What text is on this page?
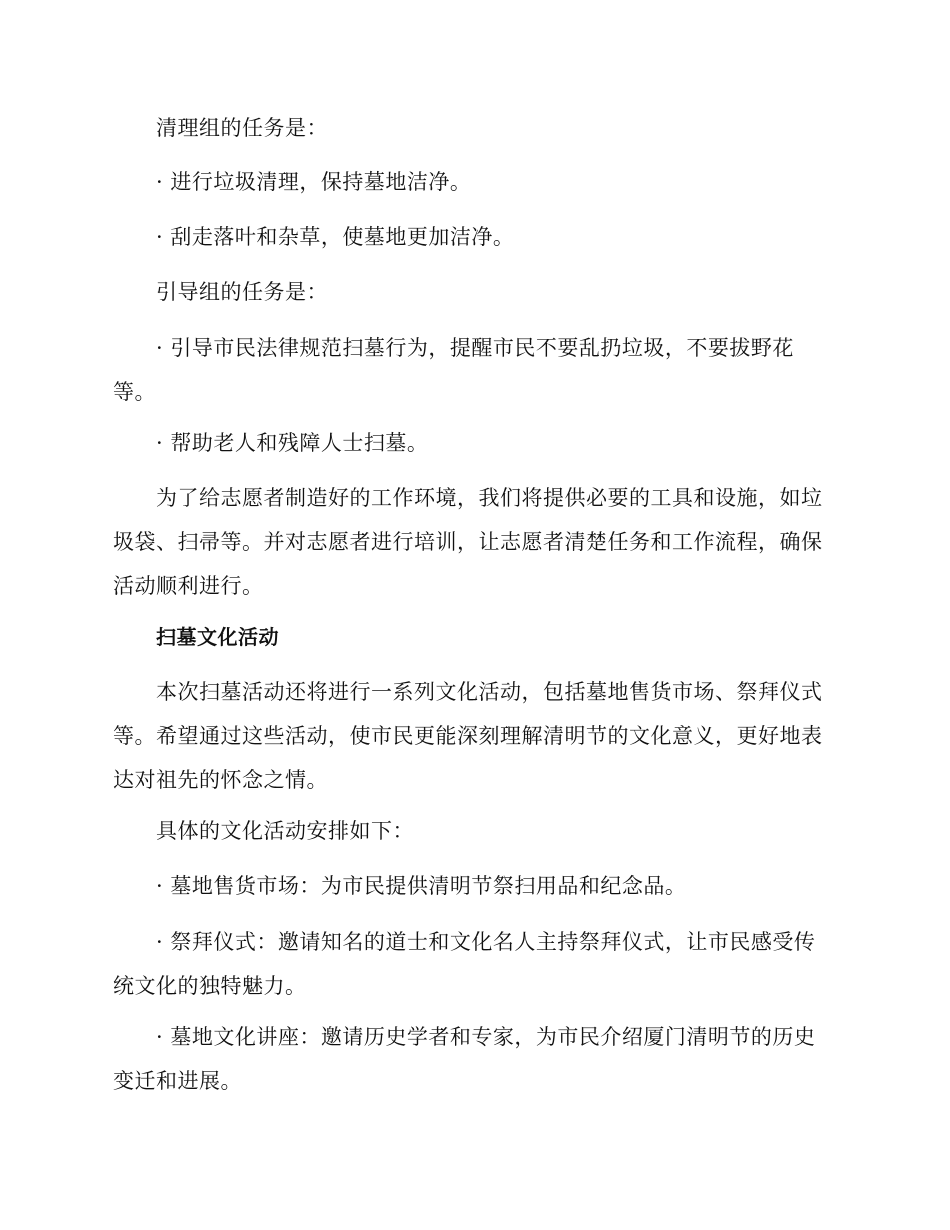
清理组的任务是：

· 进行垃圾清理，保持墓地洁净。

· 刮走落叶和杂草，使墓地更加洁净。

引导组的任务是：

· 引导市民法律规范扫墓行为，提醒市民不要乱扔垃圾，不要拔野花等。

· 帮助老人和残障人士扫墓。

为了给志愿者制造好的工作环境，我们将提供必要的工具和设施，如垃圾袋、扫帚等。并对志愿者进行培训，让志愿者清楚任务和工作流程，确保活动顺利进行。

扫墓文化活动

本次扫墓活动还将进行一系列文化活动，包括墓地售货市场、祭拜仪式等。希望通过这些活动，使市民更能深刻理解清明节的文化意义，更好地表达对祖先的怀念之情。

具体的文化活动安排如下：

· 墓地售货市场：为市民提供清明节祭扫用品和纪念品。

· 祭拜仪式：邀请知名的道士和文化名人主持祭拜仪式，让市民感受传统文化的独特魅力。

· 墓地文化讲座：邀请历史学者和专家，为市民介绍厦门清明节的历史变迁和进展。
